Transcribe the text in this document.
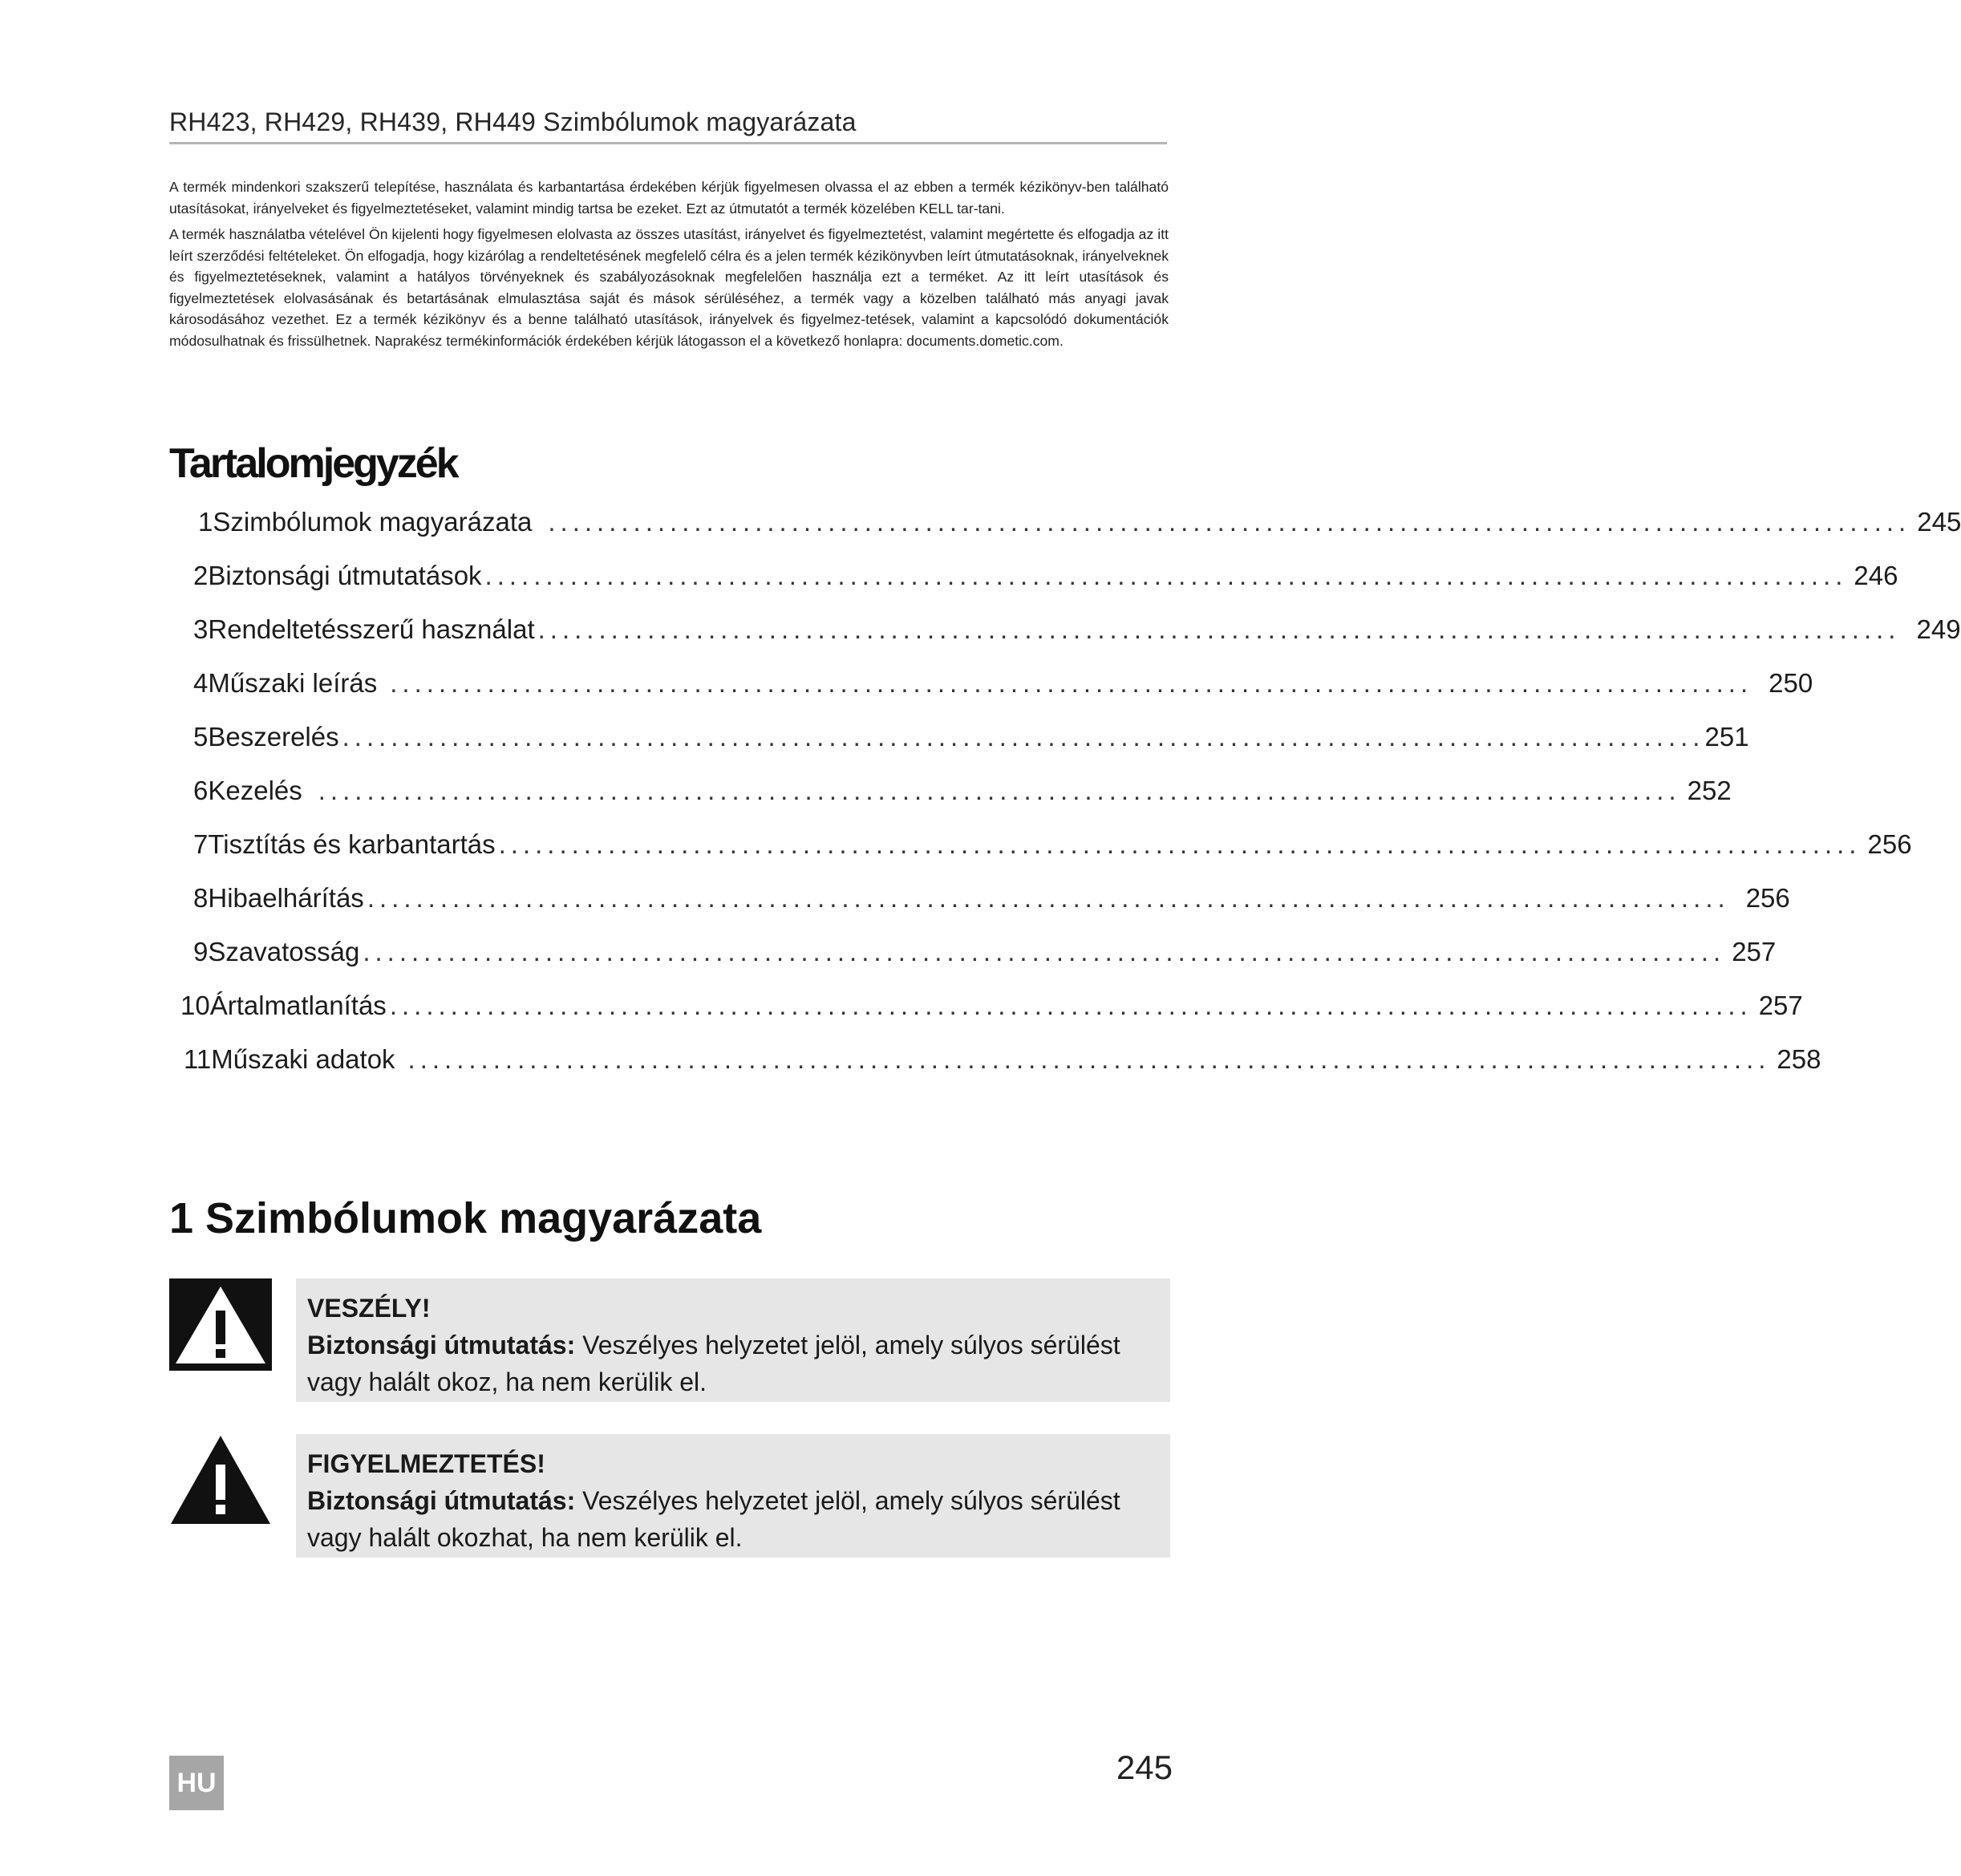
RH423, RH429, RH439, RH449 Szimbólumok magyarázata

A termék mindenkori szakszerű telepítése, használata és karbantartása érdekében kérjük figyelmesen olvassa el az ebben a termék kézikönyv-ben található utasításokat, irányelveket és figyelmeztetéseket, valamint mindig tartsa be ezeket. Ezt az útmutatót a termék közelében KELL tar-tani.

A termék használatba vételével Ön kijelenti hogy figyelmesen elolvasta az összes utasítást, irányelvet és figyelmeztetést, valamint megértette és elfogadja az itt leírt szerződési feltételeket. Ön elfogadja, hogy kizárólag a rendeltetésének megfelelő célra és a jelen termék kézikönyvben leírt útmutatásoknak, irányelveknek és figyelmeztetéseknek, valamint a hatályos törvényeknek és szabályozásoknak megfelelően használja ezt a terméket. Az itt leírt utasítások és figyelmeztetések elolvasásának és betartásának elmulasztása saját és mások sérüléséhez, a termék vagy a közelben található más anyagi javak károsodásához vezethet. Ez a termék kézikönyv és a benne található utasítások, irányelvek és figyelmez-tetések, valamint a kapcsolódó dokumentációk módosulhatnak és frissülhetnek. Naprakész termékinformációk érdekében kérjük látogasson el a következő honlapra: documents.dometic.com.

Tartalomjegyzék
1 Szimbólumok magyarázata ................................................................................................................ 245
2 Biztonsági útmutatások ................................................................................................................ 246
3 Rendeltetésszerű használat ................................................................................................................ 249
4 Műszaki leírás ................................................................................................................ 250
5 Beszerelés ................................................................................................................ 251
6 Kezelés ................................................................................................................ 252
7 Tisztítás és karbantartás ................................................................................................................ 256
8 Hibaelhárítás ................................................................................................................ 256
9 Szavatosság ................................................................................................................ 257
10 Ártalmatlanítás ................................................................................................................ 257
11 Műszaki adatok ................................................................................................................ 258
1 Szimbólumok magyarázata
VESZÉLY!
Biztonsági útmutatás: Veszélyes helyzetet jelöl, amely súlyos sérülést vagy halált okoz, ha nem kerülik el.
FIGYELMEZTETÉS!
Biztonsági útmutatás: Veszélyes helyzetet jelöl, amely súlyos sérülést vagy halált okozhat, ha nem kerülik el.
HU	245
